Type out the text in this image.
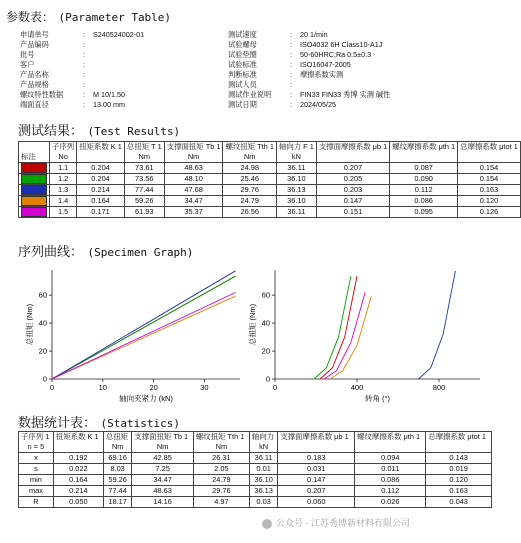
参数表： (Parameter Table)
申请单号	:	S240524002-01
产品编码	:
批号	:
客户	:
产品名称	:
产品规格	:
螺纹特性数据	:	M 10/1.50
端面直径	:	13.00 mm
测试速度	:	20 1/min
试验螺母	:	ISO4032 6H Class10-A1J
试验垫圈	:	50-60HRC;Ra 0.5±0.3
试验标准	:	ISO16047-2005
判断标准	:	摩擦系数实测
测试人员	:
测试作业说明	:	FIN33 FIN33 秀博 实测 碱性
测试日期	:	2024/05/25
测试结果： (Test Results)
	子序列	扭矩系数 K 1	总扭矩 T 1	支撑面扭矩 Tb 1	螺纹扭矩 Tth 1	轴向力 F 1	支撑面摩擦系数 μb 1	螺纹摩擦系数 μth 1	总摩擦系数 μtot 1
标注	No		Nm	Nm	Nm	kN			
	1.1	0.204	73.61	48.63	24.98	36.11	0.207	0.087	0.154
	1.2	0.204	73.56	48.10	25.46	36.10	0.205	0.090	0.154
	1.3	0.214	77.44	47.68	29.76	36.13	0.203	0.112	0.163
	1.4	0.164	59.26	34.47	24.79	36.10	0.147	0.086	0.120
	1.5	0.171	61.93	35.37	26.56	36.11	0.151	0.095	0.126
序列曲线： (Specimen Graph)
0	10	20	30
0
20
40
60
轴向夹紧力 (kN)
总扭矩 (Nm)
0	400	800
0
20
40
60
转角 (°)
总扭矩 (Nm)
数据统计表： (Statistics)
子序列 1	扭矩系数 K 1	总扭矩	支撑面扭矩 Tb 1	螺纹扭矩 Tth 1	轴向力	支撑面摩擦系数 μb 1	螺纹摩擦系数 μth 1	总摩擦系数 μtot 1
n = 5		Nm	Nm	Nm	kN			
x	0.192	69.16	42.85	26.31	36.11	0.183	0.094	0.143
s	0.022	8.03	7.25	2.05	0.01	0.031	0.011	0.019
min	0.164	59.26	34.47	24.79	36.10	0.147	0.086	0.120
max	0.214	77.44	48.63	29.76	36.13	0.207	0.112	0.163
R	0.050	18.17	14.16	4.97	0.03	0.060	0.026	0.043
公众号 · 江苏秀博新材料有限公司
